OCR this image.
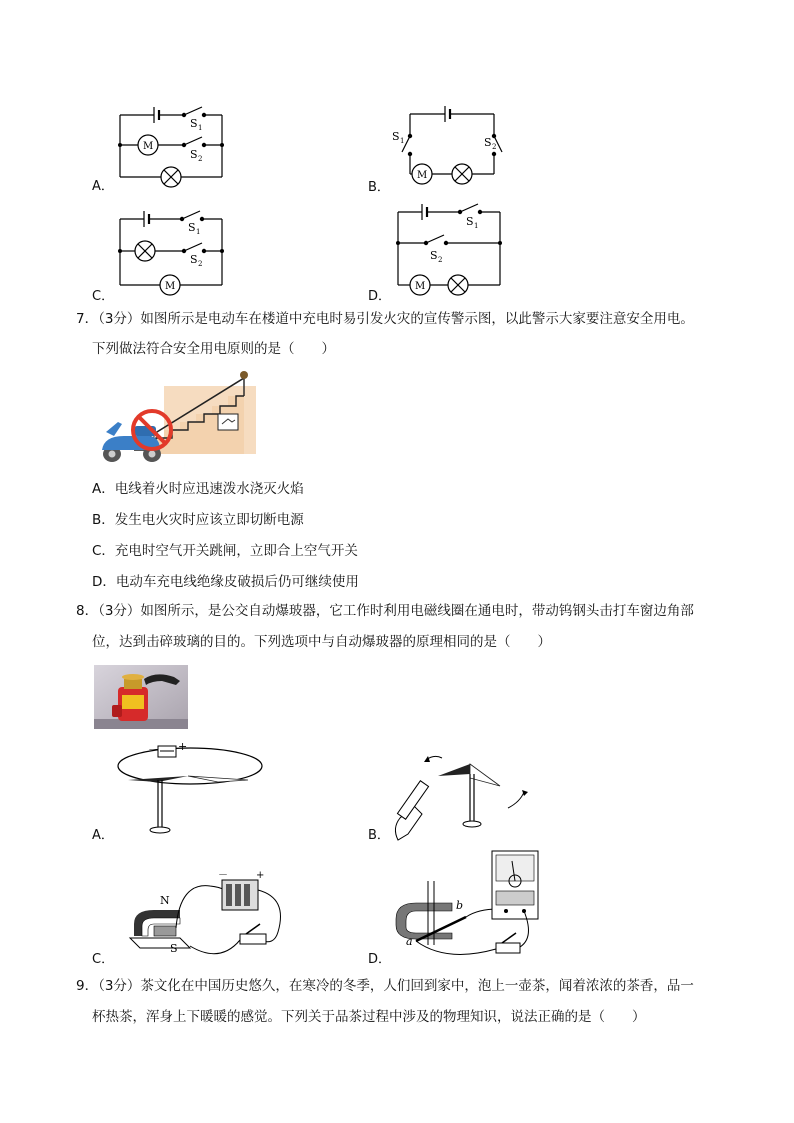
A．
M
S 1
S 2
B．
M
S 1	S 2
C．
M
S 1
S 2
D．
M
S 1
S 2
7．（3分）如图所示是电动车在楼道中充电时易引发火灾的宣传警示图，以此警示大家要注意安全用电。
下列做法符合安全用电原则的是（　　）
A．电线着火时应迅速泼水浇灭火焰
B．发生电火灾时应该立即切断电源
C．充电时空气开关跳闸，立即合上空气开关
D．电动车充电线绝缘皮破损后仍可继续使用
8．（3分）如图所示，是公交自动爆玻器，它工作时利用电磁线圈在通电时，带动钨钢头击打车窗边角部
位，达到击碎玻璃的目的。下列选项中与自动爆玻器的原理相同的是（　　）
A．
－ +
B．
C．
N
S
－	+
D．
a
b
9．（3分）茶文化在中国历史悠久，在寒冷的冬季，人们回到家中，泡上一壶茶，闻着浓浓的茶香，品一
杯热茶，浑身上下暖暖的感觉。下列关于品茶过程中涉及的物理知识，说法正确的是（　　）
